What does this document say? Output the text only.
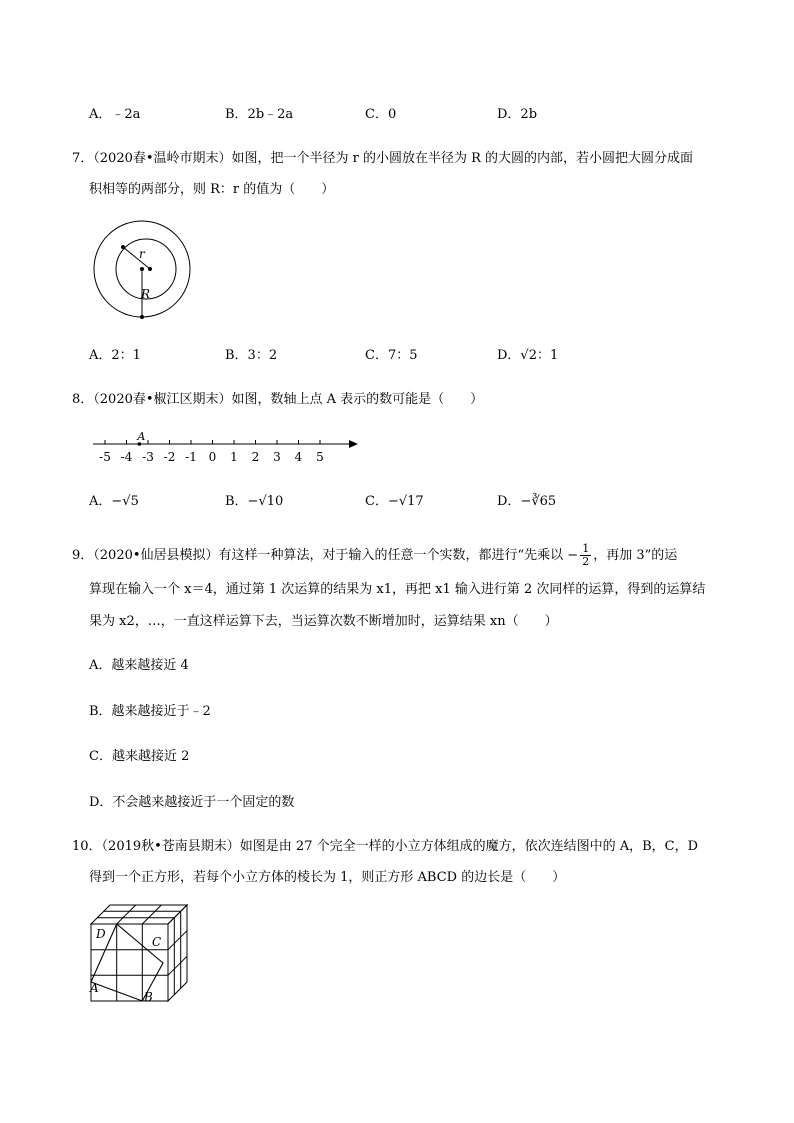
A．﹣2a	B．2b﹣2a	C．0	D．2b
7．（2020春•温岭市期末）如图，把一个半径为 r 的小圆放在半径为 R 的大圆的内部，若小圆把大圆分成面
积相等的两部分，则 R：r 的值为（　　）
r
R
A．2：1	B．3：2	C．7：5	D．√2：1
8．（2020春•椒江区期末）如图，数轴上点 A 表示的数可能是（　　）
-5 -4 -3 -2 -1 0 1 2 3 4 5
A
A．−√5	B．−√10	C．−√17	D．−∛65
9．（2020•仙居县模拟）有这样一种算法，对于输入的任意一个实数，都进行“先乘以 − $\frac{1}{2}$ ，再加 3”的运
算现在输入一个 x＝4，通过第 1 次运算的结果为 x1，再把 x1 输入进行第 2 次同样的运算，得到的运算结
果为 x2，…，一直这样运算下去，当运算次数不断增加时，运算结果 xn（　　）
A．越来越接近 4
B．越来越接近于﹣2
C．越来越接近 2
D．不会越来越接近于一个固定的数
10．（2019秋•苍南县期末）如图是由 27 个完全一样的小立方体组成的魔方，依次连结图中的 A，B，C，D
得到一个正方形，若每个小立方体的棱长为 1，则正方形 ABCD 的边长是（　　）
D
C
A
B
